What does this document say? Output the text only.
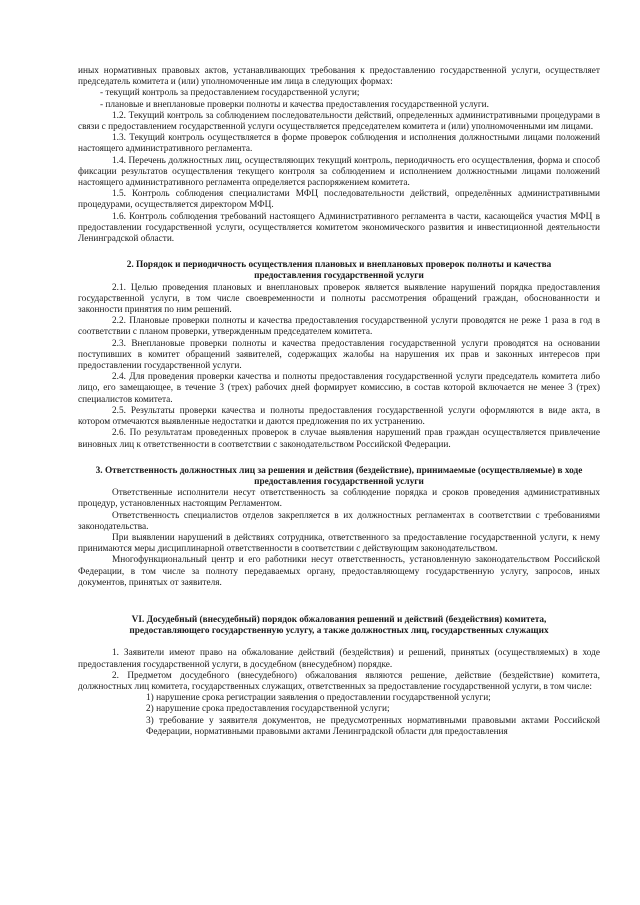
иных нормативных правовых актов, устанавливающих требования к предоставлению государственной услуги, осуществляет председатель комитета и (или) уполномоченные им лица в следующих формах:

- текущий контроль за предоставлением государственной услуги;

- плановые и внеплановые проверки полноты и качества предоставления государственной услуги.

1.2. Текущий контроль за соблюдением последовательности действий, определенных административными процедурами в связи с предоставлением государственной услуги осуществляется председателем комитета и (или) уполномоченными им лицами.

1.3. Текущий контроль осуществляется в форме проверок соблюдения и исполнения должностными лицами положений настоящего административного регламента.

1.4. Перечень должностных лиц, осуществляющих текущий контроль, периодичность его осуществления, форма и способ фиксации результатов осуществления текущего контроля за соблюдением и исполнением должностными лицами положений настоящего административного регламента определяется распоряжением комитета.

1.5. Контроль соблюдения специалистами МФЦ последовательности действий, определённых административными процедурами, осуществляется директором МФЦ.

1.6. Контроль соблюдения требований настоящего Административного регламента в части, касающейся участия МФЦ в предоставлении государственной услуги, осуществляется комитетом экономического развития и инвестиционной деятельности Ленинградской области.

2. Порядок и периодичность осуществления плановых и внеплановых проверок полноты и качества предоставления государственной услуги

2.1. Целью проведения плановых и внеплановых проверок является выявление нарушений порядка предоставления государственной услуги, в том числе своевременности и полноты рассмотрения обращений граждан, обоснованности и законности принятия по ним решений.

2.2. Плановые проверки полноты и качества предоставления государственной услуги проводятся не реже 1 раза в год в соответствии с планом проверки, утвержденным председателем комитета.

2.3. Внеплановые проверки полноты и качества предоставления государственной услуги проводятся на основании поступивших в комитет обращений заявителей, содержащих жалобы на нарушения их прав и законных интересов при предоставлении государственной услуги.

2.4. Для проведения проверки качества и полноты предоставления государственной услуги председатель комитета либо лицо, его замещающее, в течение 3 (трех) рабочих дней формирует комиссию, в состав которой включается не менее 3 (трех) специалистов комитета.

2.5. Результаты проверки качества и полноты предоставления государственной услуги оформляются в виде акта, в котором отмечаются выявленные недостатки и даются предложения по их устранению.

2.6. По результатам проведенных проверок в случае выявления нарушений прав граждан осуществляется привлечение виновных лиц к ответственности в соответствии с законодательством Российской Федерации.

3. Ответственность должностных лиц за решения и действия (бездействие), принимаемые (осуществляемые) в ходе предоставления государственной услуги

Ответственные исполнители несут ответственность за соблюдение порядка и сроков проведения административных процедур, установленных настоящим Регламентом.

Ответственность специалистов отделов закрепляется в их должностных регламентах в соответствии с требованиями законодательства.

При выявлении нарушений в действиях сотрудника, ответственного за предоставление государственной услуги, к нему принимаются меры дисциплинарной ответственности в соответствии с действующим законодательством.

Многофункциональный центр и его работники несут ответственность, установленную законодательством Российской Федерации, в том числе за полноту передаваемых органу, предоставляющему государственную услугу, запросов, иных документов, принятых от заявителя.

VI. Досудебный (внесудебный) порядок обжалования решений и действий (бездействия) комитета, предоставляющего государственную услугу, а также должностных лиц, государственных служащих

1. Заявители имеют право на обжалование действий (бездействия) и решений, принятых (осуществляемых) в ходе предоставления государственной услуги, в досудебном (внесудебном) порядке.

2. Предметом досудебного (внесудебного) обжалования являются решение, действие (бездействие) комитета, должностных лиц комитета, государственных служащих, ответственных за предоставление государственной услуги, в том числе:

1) нарушение срока регистрации заявления о предоставлении государственной услуги;

2) нарушение срока предоставления государственной услуги;

3) требование у заявителя документов, не предусмотренных нормативными правовыми актами Российской Федерации, нормативными правовыми актами Ленинградской области для предоставления
